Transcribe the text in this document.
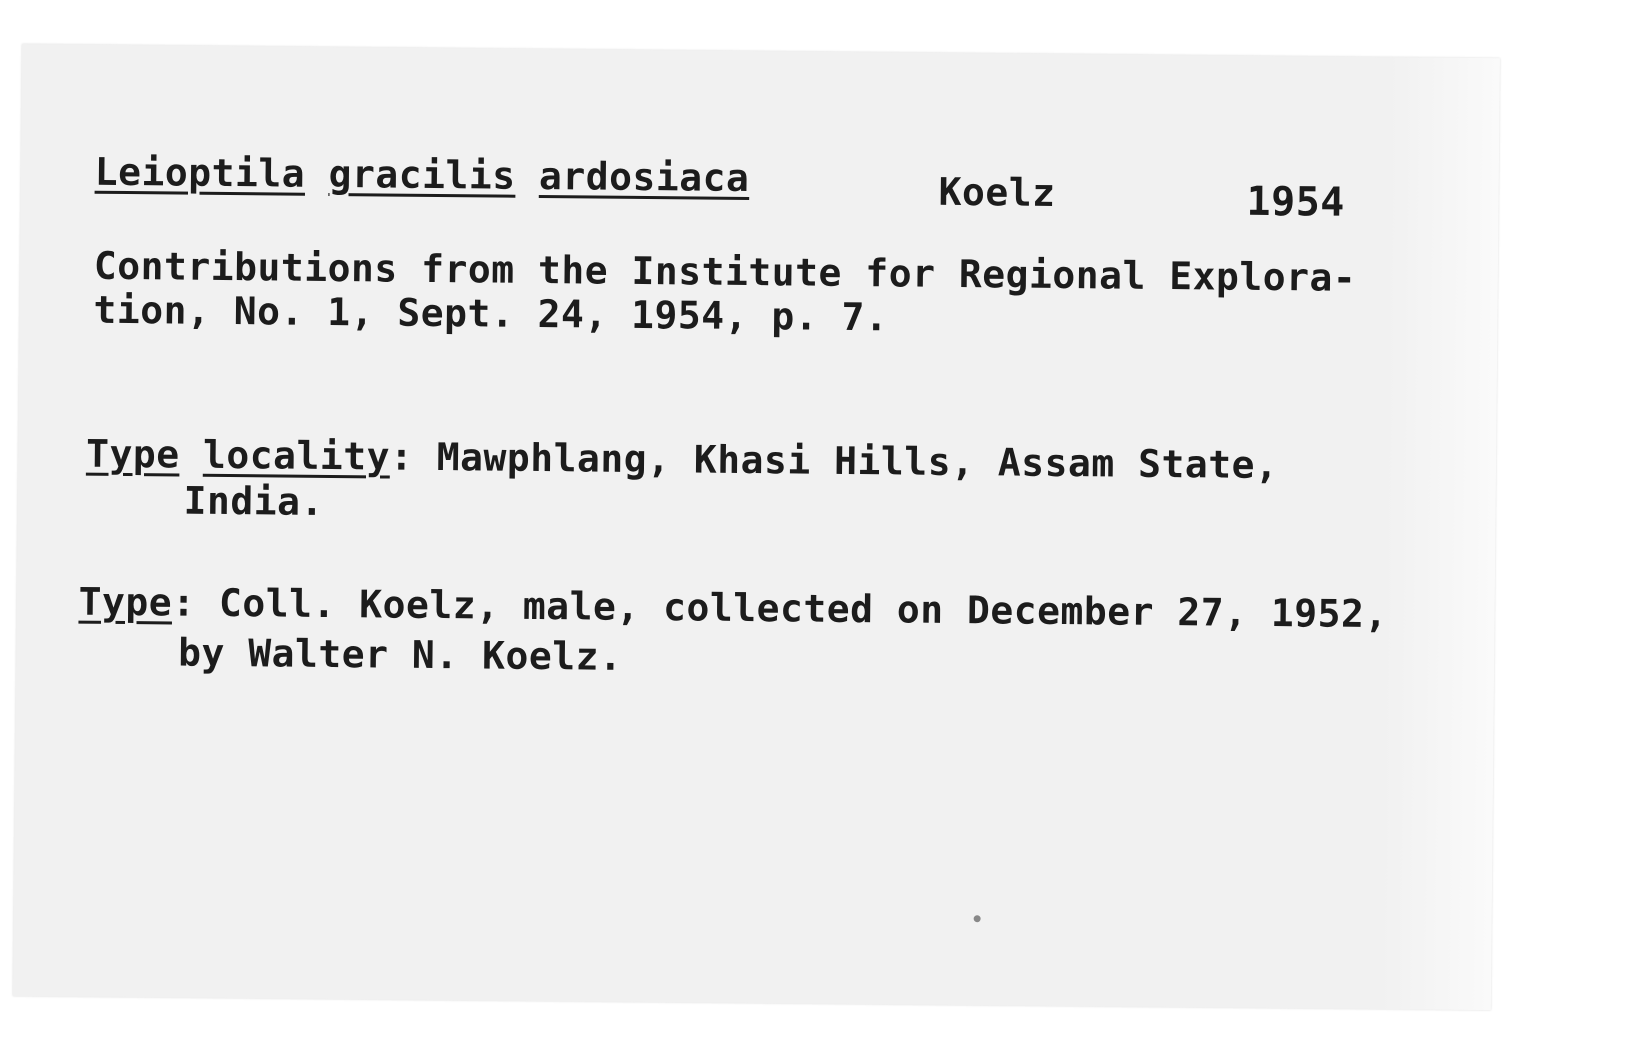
Leioptila gracilis ardosiaca	Koelz	1954
Contributions from the Institute for Regional Explora-
tion, No. 1, Sept. 24, 1954, p. 7.
Type locality: Mawphlang, Khasi Hills, Assam State,
India.
Type: Coll. Koelz, male, collected on December 27, 1952,
by Walter N. Koelz.
